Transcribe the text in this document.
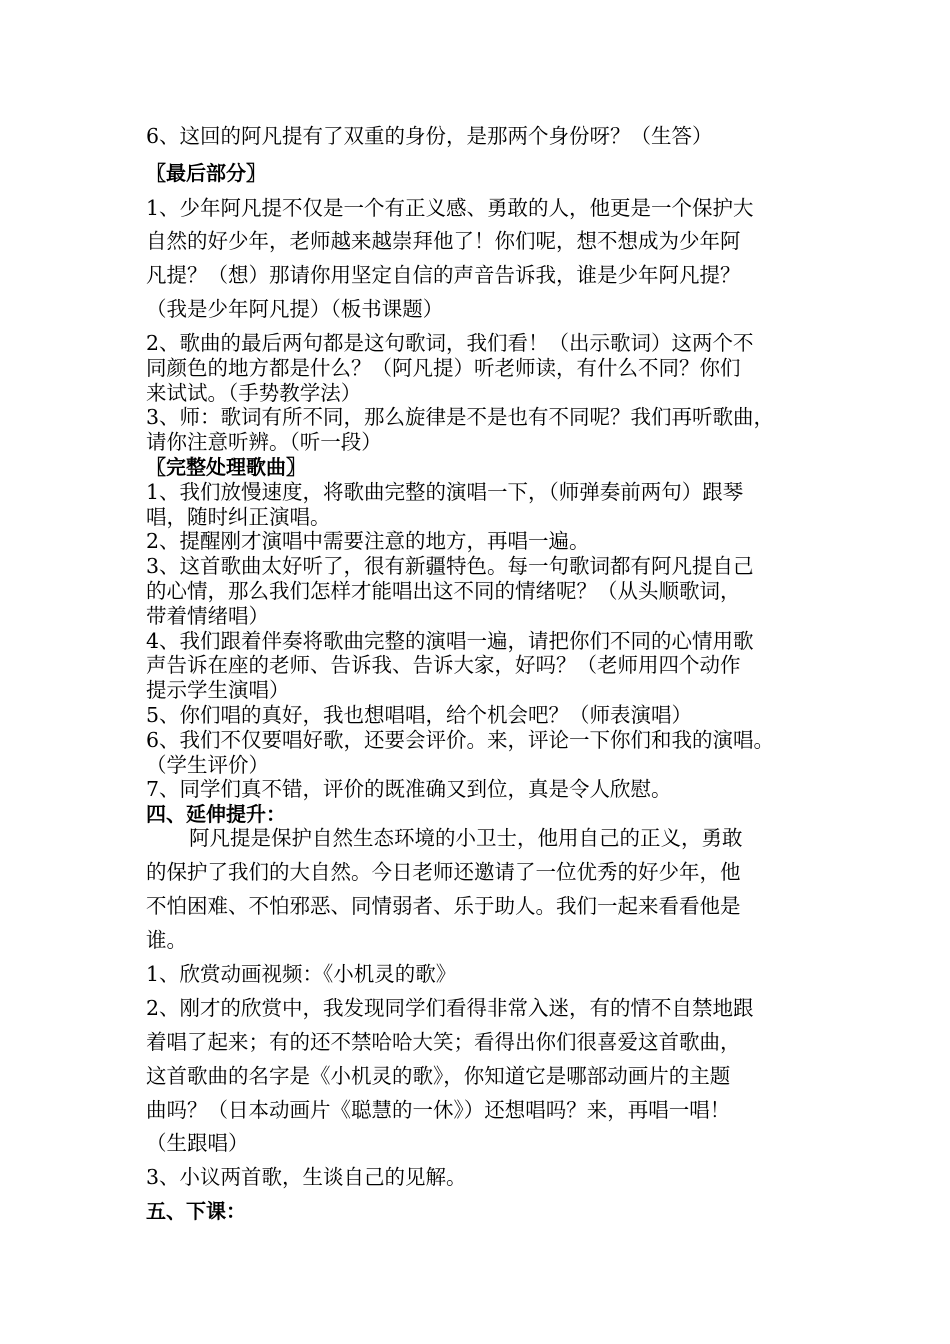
6、这回的阿凡提有了双重的身份，是那两个身份呀？（生答）
〖最后部分〗
1、少年阿凡提不仅是一个有正义感、勇敢的人，他更是一个保护大
自然的好少年，老师越来越崇拜他了！你们呢，想不想成为少年阿
凡提？（想）那请你用坚定自信的声音告诉我，谁是少年阿凡提？
（我是少年阿凡提）（板书课题）
2、歌曲的最后两句都是这句歌词，我们看！（出示歌词）这两个不
同颜色的地方都是什么？（阿凡提）听老师读，有什么不同？你们
来试试。（手势教学法）
3、师：歌词有所不同，那么旋律是不是也有不同呢？我们再听歌曲，
请你注意听辨。（听一段）
〖完整处理歌曲〗
1、我们放慢速度，将歌曲完整的演唱一下，（师弹奏前两句）跟琴
唱，随时纠正演唱。
2、提醒刚才演唱中需要注意的地方，再唱一遍。
3、这首歌曲太好听了，很有新疆特色。每一句歌词都有阿凡提自己
的心情，那么我们怎样才能唱出这不同的情绪呢？（从头顺歌词，
带着情绪唱）
4、我们跟着伴奏将歌曲完整的演唱一遍，请把你们不同的心情用歌
声告诉在座的老师、告诉我、告诉大家，好吗？（老师用四个动作
提示学生演唱）
5、你们唱的真好，我也想唱唱，给个机会吧？（师表演唱）
6、我们不仅要唱好歌，还要会评价。来，评论一下你们和我的演唱。
（学生评价）
7、同学们真不错，评价的既准确又到位，真是令人欣慰。
四、延伸提升：
阿凡提是保护自然生态环境的小卫士，他用自己的正义，勇敢
的保护了我们的大自然。今日老师还邀请了一位优秀的好少年，他
不怕困难、不怕邪恶、同情弱者、乐于助人。我们一起来看看他是
谁。
1、欣赏动画视频：《小机灵的歌》
2、刚才的欣赏中，我发现同学们看得非常入迷，有的情不自禁地跟
着唱了起来；有的还不禁哈哈大笑；看得出你们很喜爱这首歌曲，
这首歌曲的名字是《小机灵的歌》，你知道它是哪部动画片的主题
曲吗？（日本动画片《聪慧的一休》）还想唱吗？来，再唱一唱！
（生跟唱）
3、小议两首歌，生谈自己的见解。
五、下课：
